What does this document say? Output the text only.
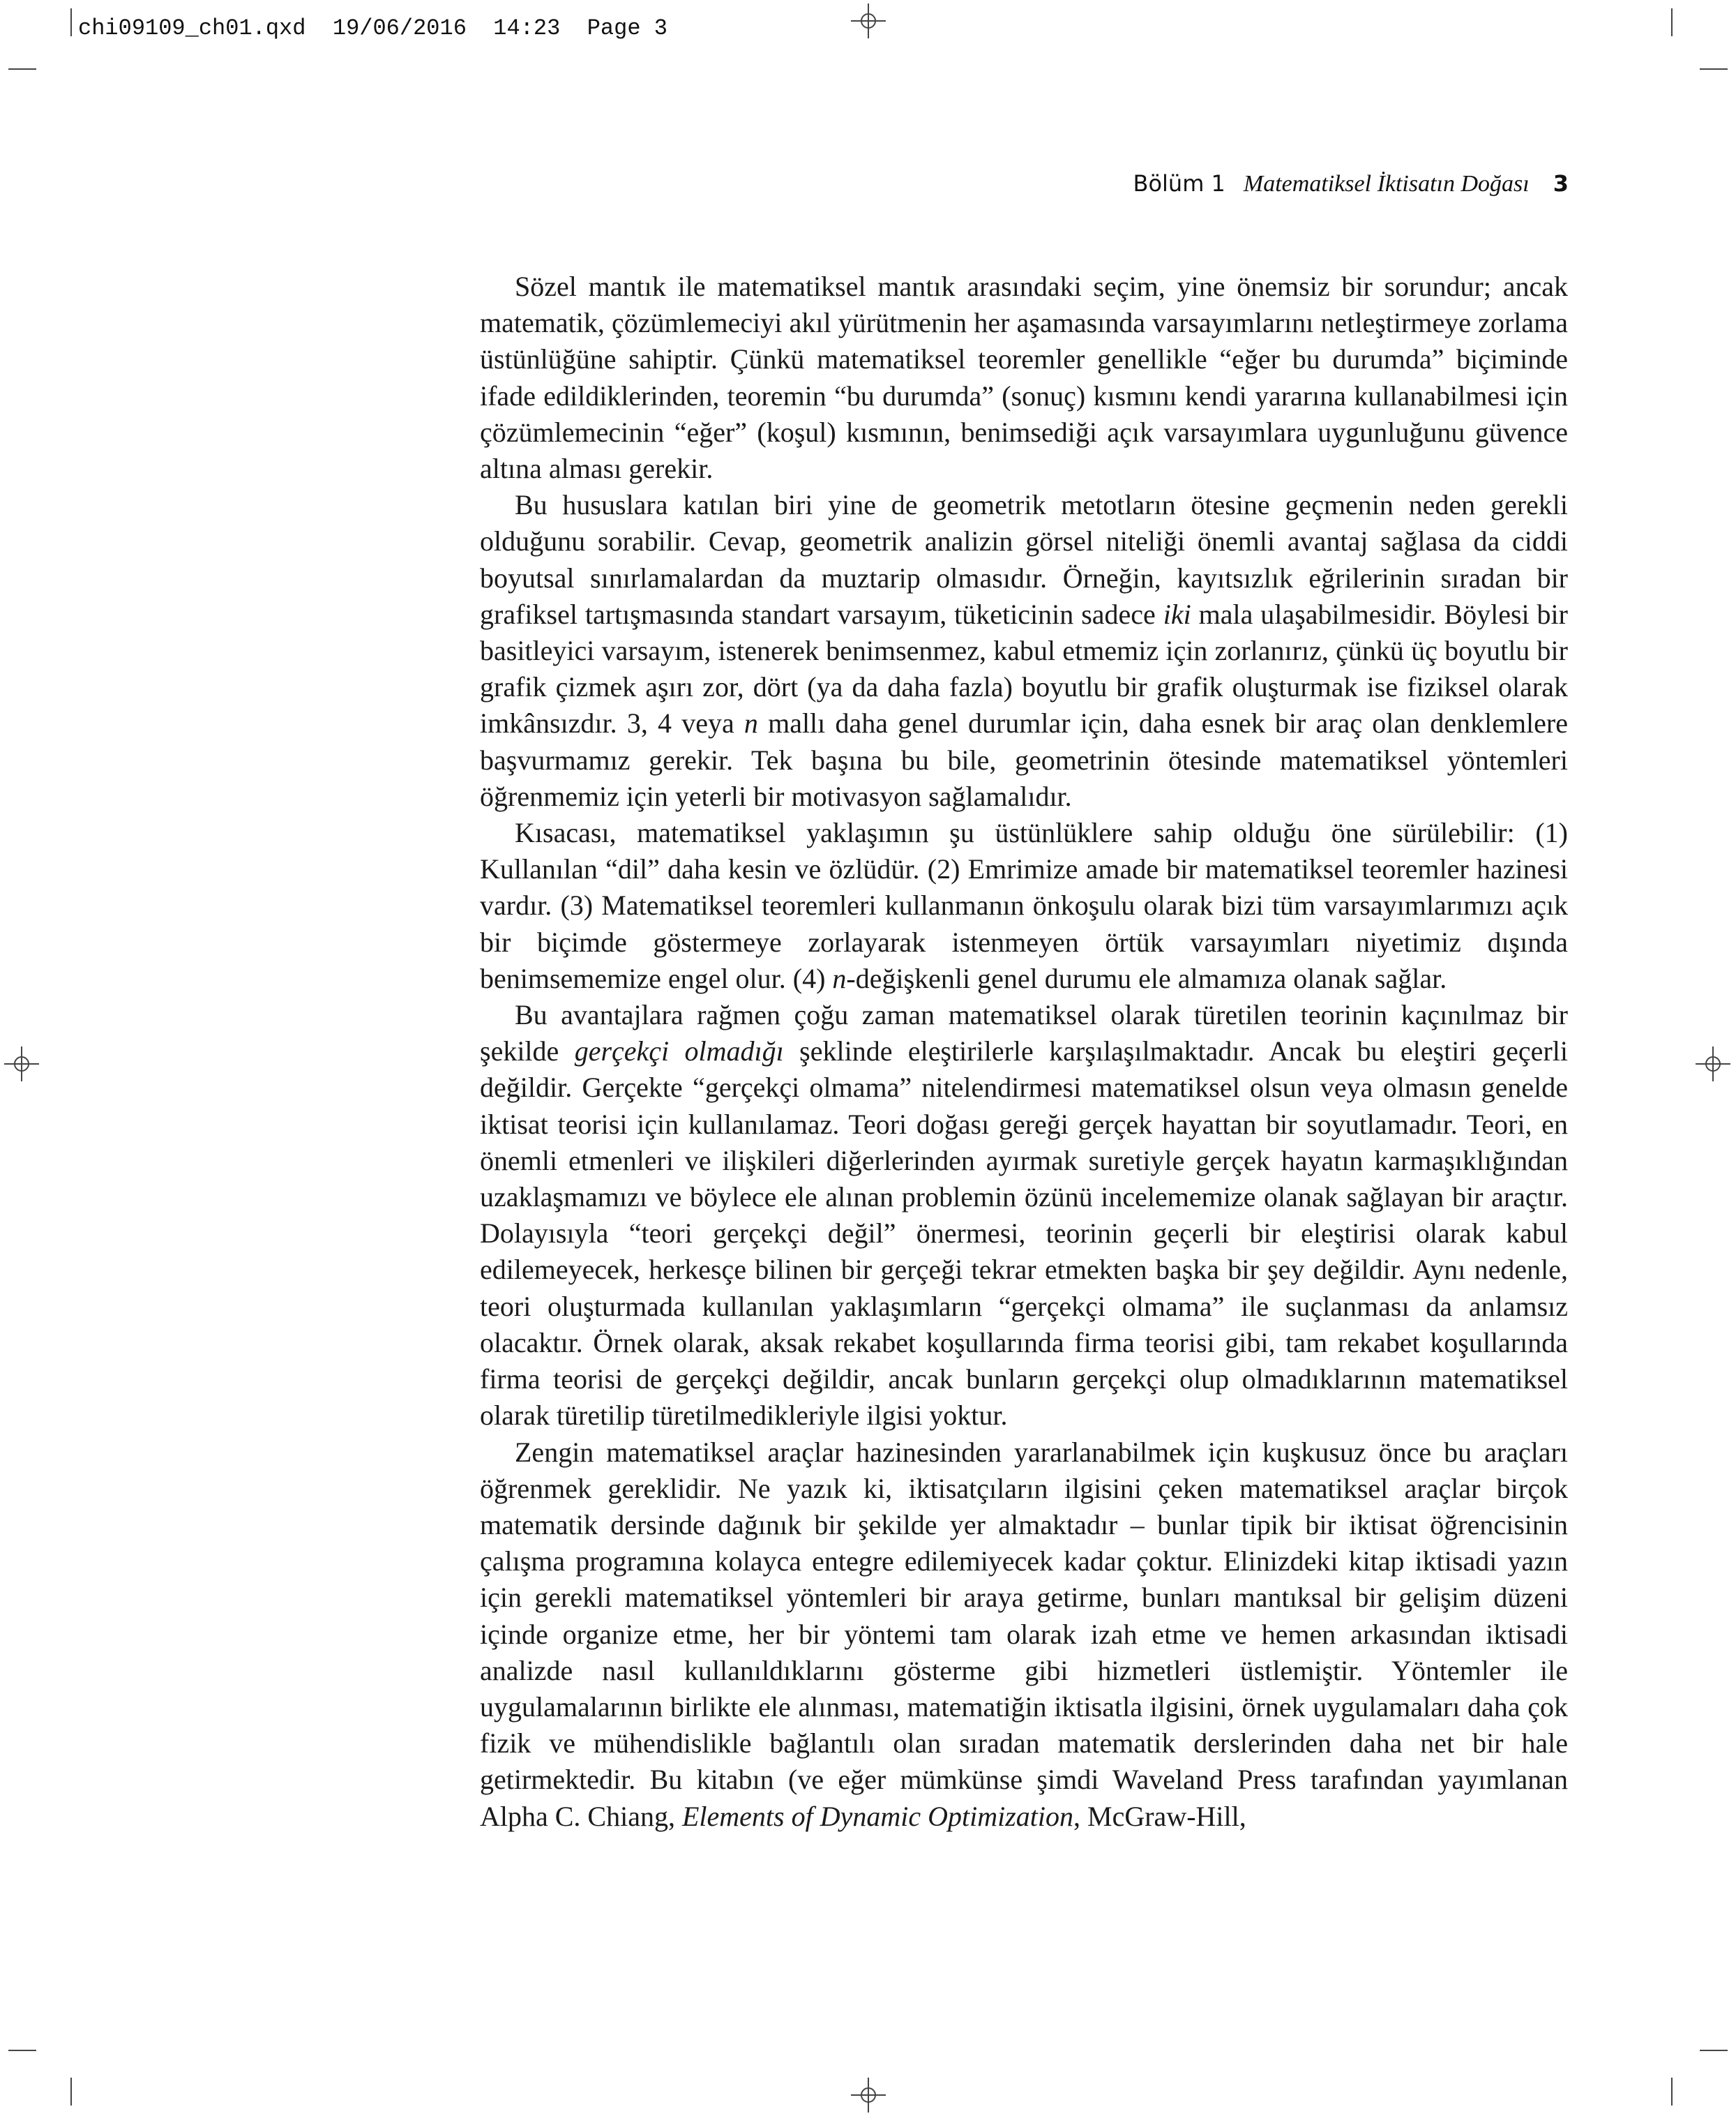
chi09109_ch01.qxd  19/06/2016  14:23  Page 3
Bölüm 1 Matematiksel İktisatın Doğası 3

Sözel mantık ile matematiksel mantık arasındaki seçim, yine önemsiz bir sorundur; ancak matematik, çözümlemeciyi akıl yürütmenin her aşamasında varsayımlarını netleştirmeye zorlama üstünlüğüne sahiptir. Çünkü matematiksel teoremler genellikle “eğer bu durumda” biçiminde ifade edildiklerinden, teoremin “bu durumda” (sonuç) kısmını kendi yararına kullanabilmesi için çözümlemecinin “eğer” (koşul) kısmının, benimsediği açık varsayımlara uygunluğunu güvence altına alması gerekir.

Bu hususlara katılan biri yine de geometrik metotların ötesine geçmenin neden gerekli olduğunu sorabilir. Cevap, geometrik analizin görsel niteliği önemli avantaj sağlasa da ciddi boyutsal sınırlamalardan da muztarip olmasıdır. Örneğin, kayıtsızlık eğrilerinin sıradan bir grafiksel tartışmasında standart varsayım, tüketicinin sadece iki mala ulaşabilmesidir. Böylesi bir basitleyici varsayım, istenerek benimsenmez, kabul etmemiz için zorlanırız, çünkü üç boyutlu bir grafik çizmek aşırı zor, dört (ya da daha fazla) boyutlu bir grafik oluşturmak ise fiziksel olarak imkânsızdır. 3, 4 veya n mallı daha genel durumlar için, daha esnek bir araç olan denklemlere başvurmamız gerekir. Tek başına bu bile, geometrinin ötesinde matematiksel yöntemleri öğrenmemiz için yeterli bir motivasyon sağlamalıdır.

Kısacası, matematiksel yaklaşımın şu üstünlüklere sahip olduğu öne sürülebilir: (1) Kullanılan “dil” daha kesin ve özlüdür. (2) Emrimize amade bir matematiksel teoremler hazinesi vardır. (3) Matematiksel teoremleri kullanmanın önkoşulu olarak bizi tüm varsayımlarımızı açık bir biçimde göstermeye zorlayarak istenmeyen örtük varsayımları niyetimiz dışında benimsememize engel olur. (4) n-değişkenli genel durumu ele almamıza olanak sağlar.

Bu avantajlara rağmen çoğu zaman matematiksel olarak türetilen teorinin kaçınılmaz bir şekilde gerçekçi olmadığı şeklinde eleştirilerle karşılaşılmaktadır. Ancak bu eleştiri geçerli değildir. Gerçekte “gerçekçi olmama” nitelendirmesi matematiksel olsun veya olmasın genelde iktisat teorisi için kullanılamaz. Teori doğası gereği gerçek hayattan bir soyutlamadır. Teori, en önemli etmenleri ve ilişkileri diğerlerinden ayırmak suretiyle gerçek hayatın karmaşıklığından uzaklaşmamızı ve böylece ele alınan problemin özünü incelememize olanak sağlayan bir araçtır. Dolayısıyla “teori gerçekçi değil” önermesi, teorinin geçerli bir eleştirisi olarak kabul edilemeyecek, herkesçe bilinen bir gerçeği tekrar etmekten başka bir şey değildir. Aynı nedenle, teori oluşturmada kullanılan yaklaşımların “gerçekçi olmama” ile suçlanması da anlamsız olacaktır. Örnek olarak, aksak rekabet koşullarında firma teorisi gibi, tam rekabet koşullarında firma teorisi de gerçekçi değildir, ancak bunların gerçekçi olup olmadıklarının matematiksel olarak türetilip türetilmedikleriyle ilgisi yoktur.

Zengin matematiksel araçlar hazinesinden yararlanabilmek için kuşkusuz önce bu araçları öğrenmek gereklidir. Ne yazık ki, iktisatçıların ilgisini çeken matematiksel araçlar birçok matematik dersinde dağınık bir şekilde yer almaktadır – bunlar tipik bir iktisat öğrencisinin çalışma programına kolayca entegre edilemiyecek kadar çoktur. Elinizdeki kitap iktisadi yazın için gerekli matematiksel yöntemleri bir araya getirme, bunları mantıksal bir gelişim düzeni içinde organize etme, her bir yöntemi tam olarak izah etme ve hemen arkasından iktisadi analizde nasıl kullanıldıklarını gösterme gibi hizmetleri üstlemiştir. Yöntemler ile uygulamalarının birlikte ele alınması, matematiğin iktisatla ilgisini, örnek uygulamaları daha çok fizik ve mühendislikle bağlantılı olan sıradan matematik derslerinden daha net bir hale getirmektedir. Bu kitabın (ve eğer mümkünse şimdi Waveland Press tarafından yayımlanan Alpha C. Chiang, Elements of Dynamic Optimization, McGraw-Hill,
